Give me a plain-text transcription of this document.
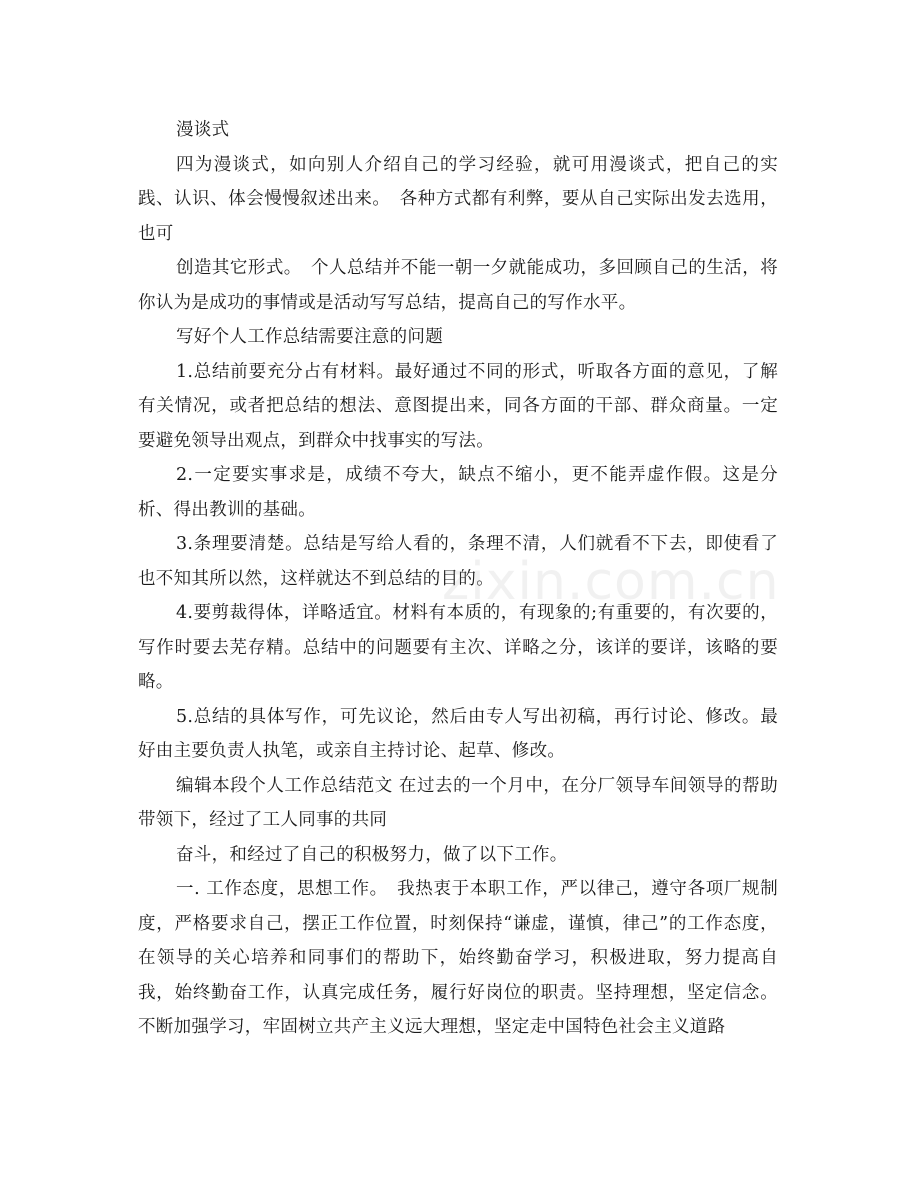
漫谈式

四为漫谈式，如向别人介绍自己的学习经验，就可用漫谈式，把自己的实践、认识、体会慢慢叙述出来。　各种方式都有利弊，要从自己实际出发去选用，也可

创造其它形式。　个人总结并不能一朝一夕就能成功，多回顾自己的生活，将你认为是成功的事情或是活动写写总结，提高自己的写作水平。

写好个人工作总结需要注意的问题

1.总结前要充分占有材料。最好通过不同的形式，听取各方面的意见，了解有关情况，或者把总结的想法、意图提出来，同各方面的干部、群众商量。一定要避免领导出观点，到群众中找事实的写法。

2.一定要实事求是，成绩不夸大，缺点不缩小，更不能弄虚作假。这是分析、得出教训的基础。

3.条理要清楚。总结是写给人看的，条理不清，人们就看不下去，即使看了也不知其所以然，这样就达不到总结的目的。

4.要剪裁得体，详略适宜。材料有本质的，有现象的;有重要的，有次要的，写作时要去芜存精。总结中的问题要有主次、详略之分，该详的要详，该略的要略。

5.总结的具体写作，可先议论，然后由专人写出初稿，再行讨论、修改。最好由主要负责人执笔，或亲自主持讨论、起草、修改。

编辑本段个人工作总结范文 在过去的一个月中，在分厂领导车间领导的帮助带领下，经过了工人同事的共同

奋斗，和经过了自己的积极努力，做了以下工作。

一. 工作态度，思想工作。　我热衷于本职工作，严以律己，遵守各项厂规制度，严格要求自己，摆正工作位置，时刻保持“谦虚，谨慎，律己”的工作态度，在领导的关心培养和同事们的帮助下，始终勤奋学习，积极进取，努力提高自我，始终勤奋工作，认真完成任务，履行好岗位的职责。坚持理想，坚定信念。不断加强学习，牢固树立共产主义远大理想，坚定走中国特色社会主义道路

zixin.com.cn
